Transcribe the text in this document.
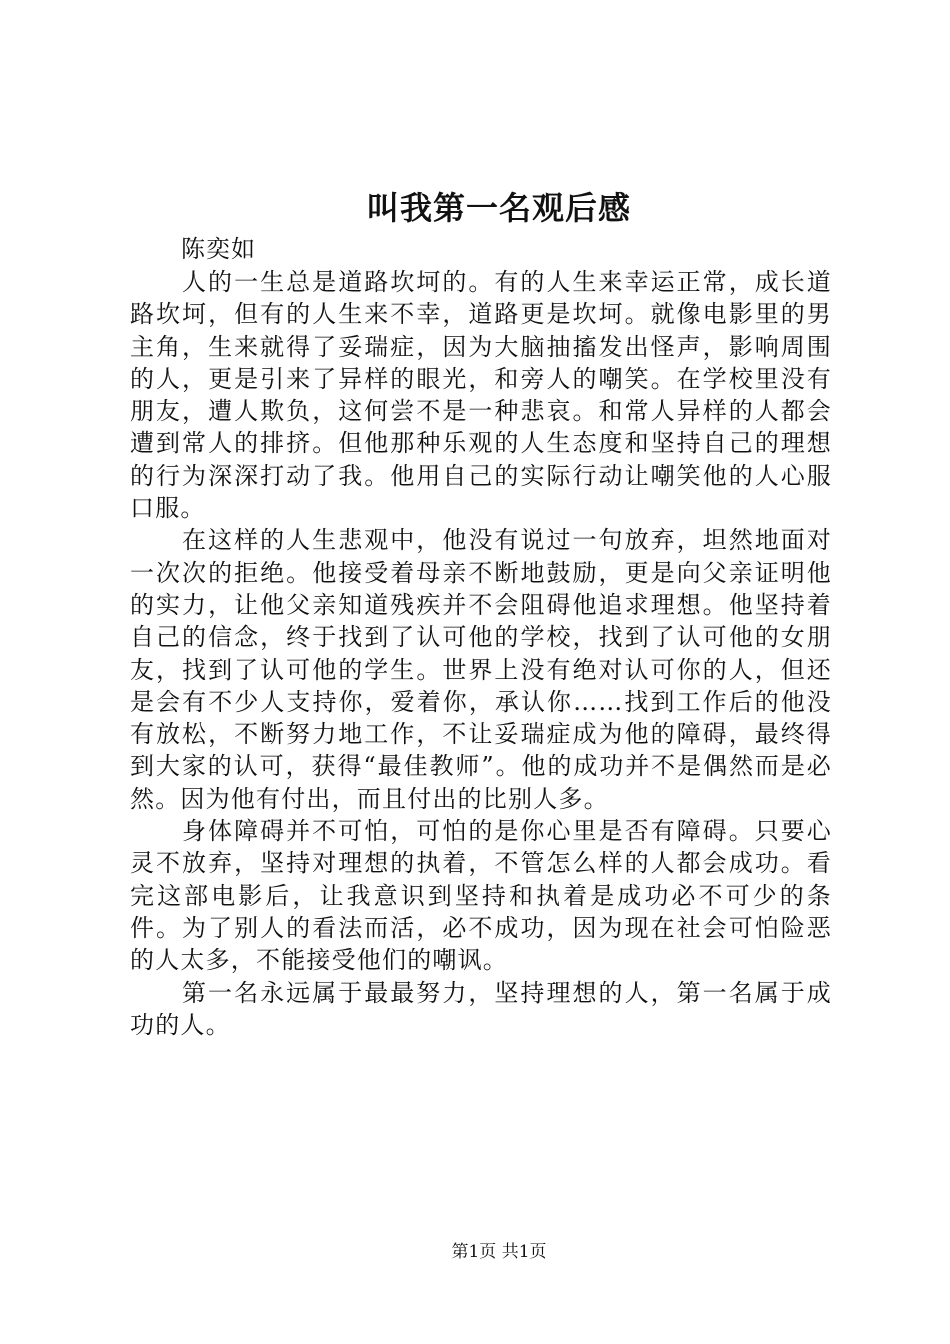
叫我第一名观后感
陈奕如

人的一生总是道路坎坷的。有的人生来幸运正常，成长道路坎坷，但有的人生来不幸，道路更是坎坷。就像电影里的男主角，生来就得了妥瑞症，因为大脑抽搐发出怪声，影响周围的人，更是引来了异样的眼光，和旁人的嘲笑。在学校里没有朋友，遭人欺负，这何尝不是一种悲哀。和常人异样的人都会遭到常人的排挤。但他那种乐观的人生态度和坚持自己的理想的行为深深打动了我。他用自己的实际行动让嘲笑他的人心服口服。

在这样的人生悲观中，他没有说过一句放弃，坦然地面对一次次的拒绝。他接受着母亲不断地鼓励，更是向父亲证明他的实力，让他父亲知道残疾并不会阻碍他追求理想。他坚持着自己的信念，终于找到了认可他的学校，找到了认可他的女朋友，找到了认可他的学生。世界上没有绝对认可你的人，但还是会有不少人支持你，爱着你，承认你……找到工作后的他没有放松，不断努力地工作，不让妥瑞症成为他的障碍，最终得到大家的认可，获得“最佳教师”。他的成功并不是偶然而是必然。因为他有付出，而且付出的比别人多。

身体障碍并不可怕，可怕的是你心里是否有障碍。只要心灵不放弃，坚持对理想的执着，不管怎么样的人都会成功。看完这部电影后，让我意识到坚持和执着是成功必不可少的条件。为了别人的看法而活，必不成功，因为现在社会可怕险恶的人太多，不能接受他们的嘲讽。

第一名永远属于最最努力，坚持理想的人，第一名属于成功的人。

第1页 共1页
